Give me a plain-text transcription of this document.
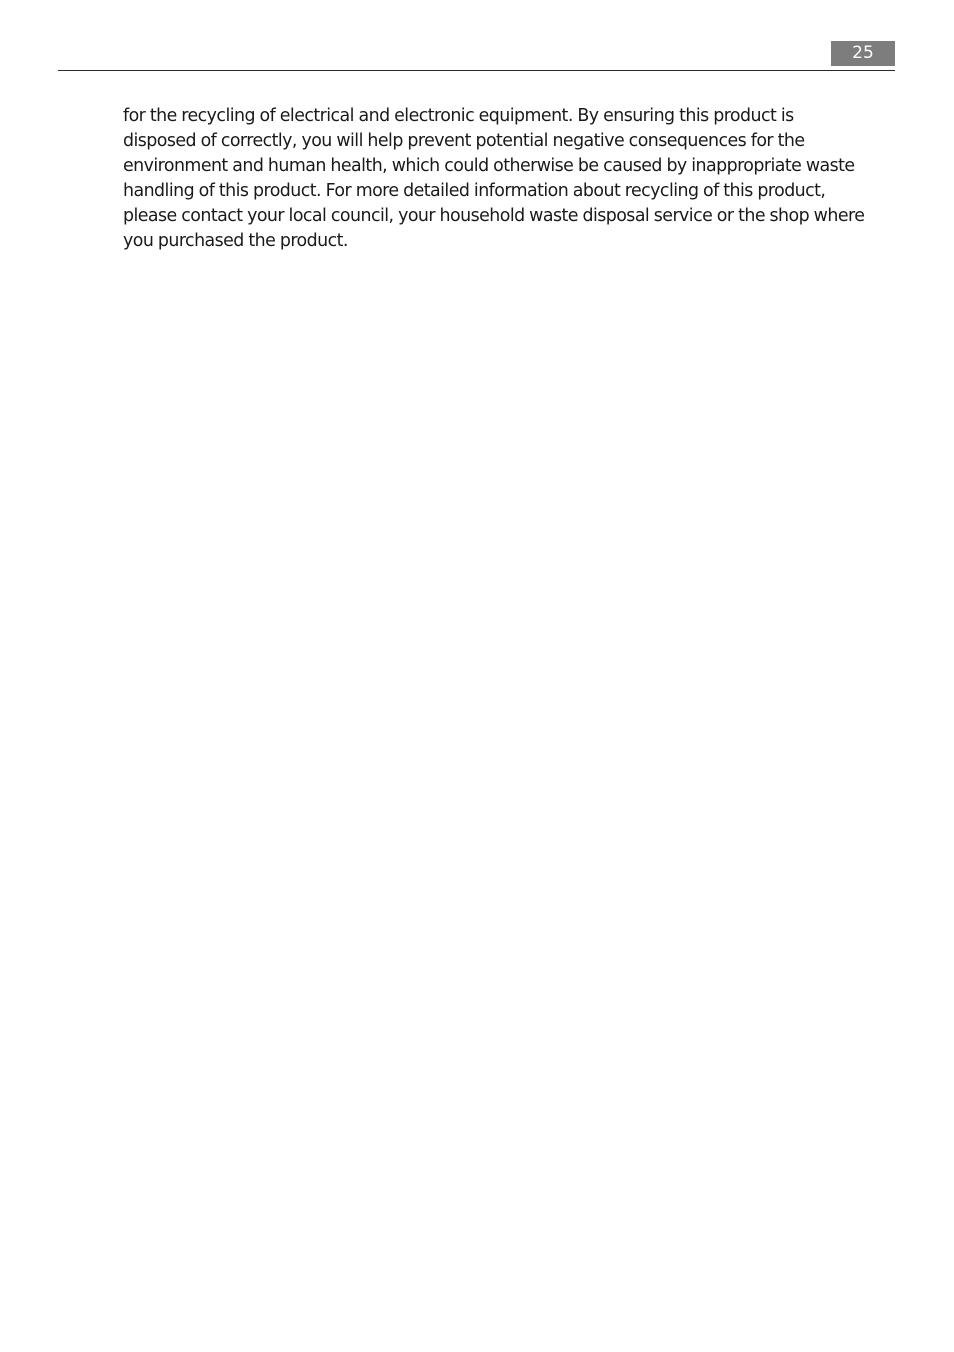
25

for the recycling of electrical and electronic equipment. By ensuring this product is
disposed of correctly, you will help prevent potential negative consequences for the
environment and human health, which could otherwise be caused by inappropriate waste
handling of this product. For more detailed information about recycling of this product,
please contact your local council, your household waste disposal service or the shop where
you purchased the product.
